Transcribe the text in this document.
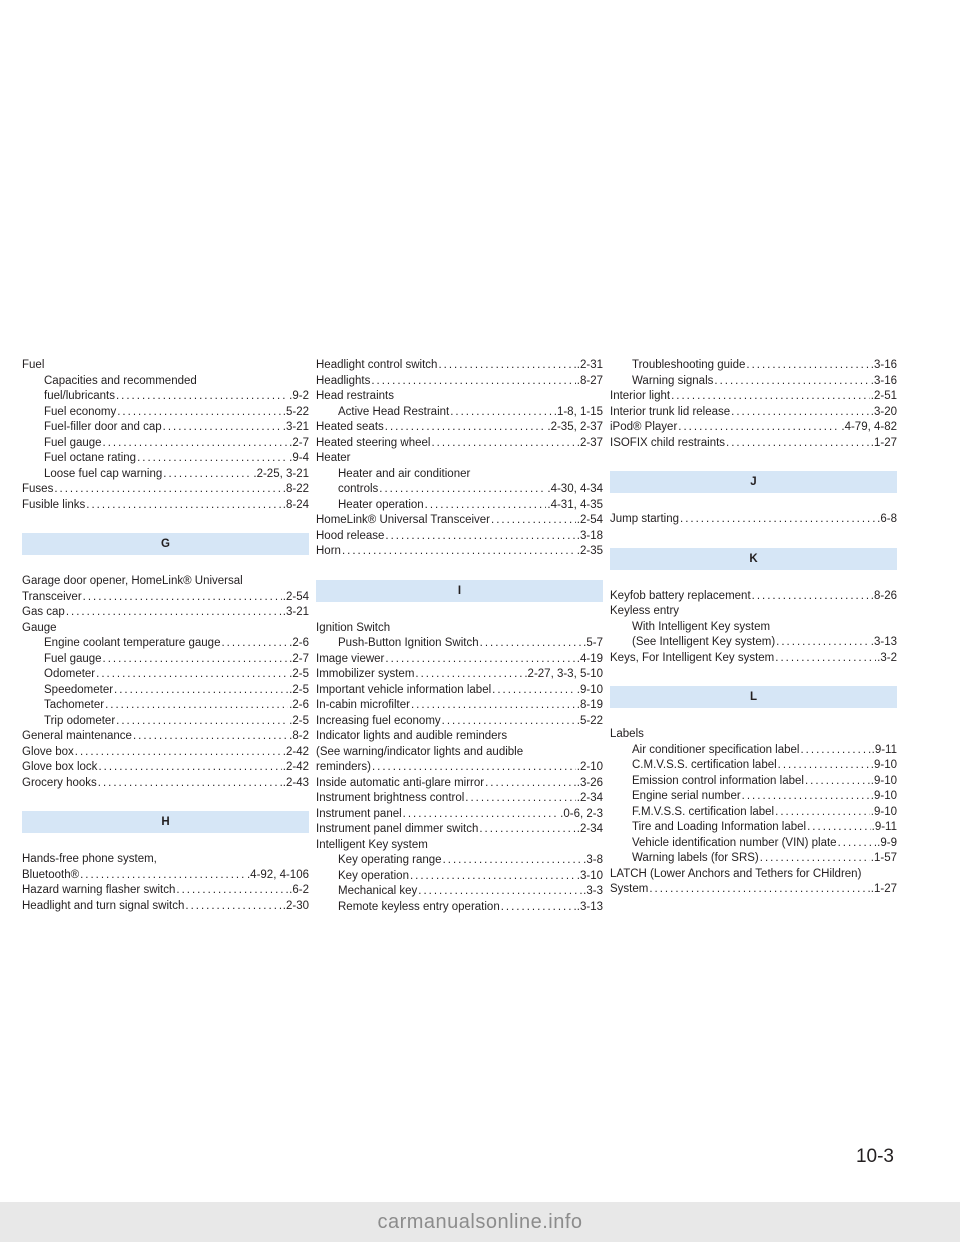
Fuel
Capacities and recommended
fuel/lubricants .....	.9-2
Fuel economy .....	.5-22
Fuel-filler door and cap .....	.3-21
Fuel gauge .....	.2-7
Fuel octane rating .....	.9-4
Loose fuel cap warning .....	.2-25, 3-21
Fuses .....	.8-22
Fusible links .....	.8-24
G
Garage door opener, HomeLink® Universal
Transceiver .....	.2-54
Gas cap .....	.3-21
Gauge
Engine coolant temperature gauge .....	.2-6
Fuel gauge .....	.2-7
Odometer .....	.2-5
Speedometer .....	.2-5
Tachometer .....	.2-6
Trip odometer .....	.2-5
General maintenance .....	.8-2
Glove box .....	.2-42
Glove box lock .....	.2-42
Grocery hooks .....	.2-43
H
Hands-free phone system,
Bluetooth® .....	.4-92, 4-106
Hazard warning flasher switch .....	.6-2
Headlight and turn signal switch .....	.2-30
Headlight control switch .....	.2-31
Headlights .....	.8-27
Head restraints
Active Head Restraint .....	.1-8, 1-15
Heated seats .....	.2-35, 2-37
Heated steering wheel .....	.2-37
Heater
Heater and air conditioner
controls .....	.4-30, 4-34
Heater operation .....	.4-31, 4-35
HomeLink® Universal Transceiver .....	.2-54
Hood release .....	.3-18
Horn .....	.2-35
I
Ignition Switch
Push-Button Ignition Switch .....	.5-7
Image viewer .....	.4-19
Immobilizer system .....	.2-27, 3-3, 5-10
Important vehicle information label .....	.9-10
In-cabin microfilter .....	.8-19
Increasing fuel economy .....	.5-22
Indicator lights and audible reminders
(See warning/indicator lights and audible
reminders) .....	.2-10
Inside automatic anti-glare mirror .....	.3-26
Instrument brightness control .....	.2-34
Instrument panel .....	.0-6, 2-3
Instrument panel dimmer switch .....	.2-34
Intelligent Key system
Key operating range .....	.3-8
Key operation .....	.3-10
Mechanical key .....	.3-3
Remote keyless entry operation .....	.3-13
Troubleshooting guide .....	.3-16
Warning signals .....	.3-16
Interior light .....	.2-51
Interior trunk lid release .....	.3-20
iPod® Player .....	.4-79, 4-82
ISOFIX child restraints .....	.1-27
J
Jump starting .....	.6-8
K
Keyfob battery replacement .....	.8-26
Keyless entry
With Intelligent Key system
(See Intelligent Key system) .....	.3-13
Keys, For Intelligent Key system .....	.3-2
L
Labels
Air conditioner specification label .....	.9-11
C.M.V.S.S. certification label .....	.9-10
Emission control information label .....	.9-10
Engine serial number .....	.9-10
F.M.V.S.S. certification label .....	.9-10
Tire and Loading Information label .....	.9-11
Vehicle identification number (VIN) plate .....	.9-9
Warning labels (for SRS) .....	.1-57
LATCH (Lower Anchors and Tethers for CHildren)
System .....	.1-27
10-3
carmanualsonline.info
